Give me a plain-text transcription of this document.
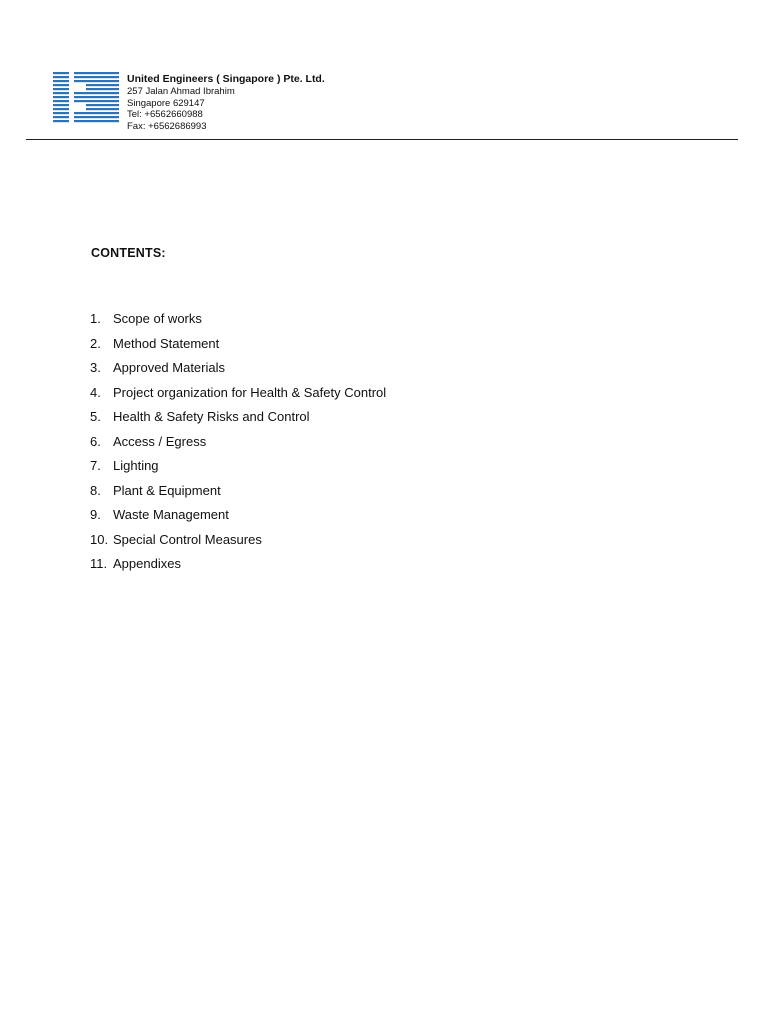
United Engineers ( Singapore ) Pte. Ltd.
257 Jalan Ahmad Ibrahim
Singapore 629147
Tel: +6562660988
Fax: +6562686993
CONTENTS:
1. Scope of works
2. Method Statement
3. Approved Materials
4. Project organization for Health & Safety Control
5. Health & Safety Risks and Control
6. Access / Egress
7. Lighting
8. Plant & Equipment
9. Waste Management
10. Special Control Measures
11. Appendixes
